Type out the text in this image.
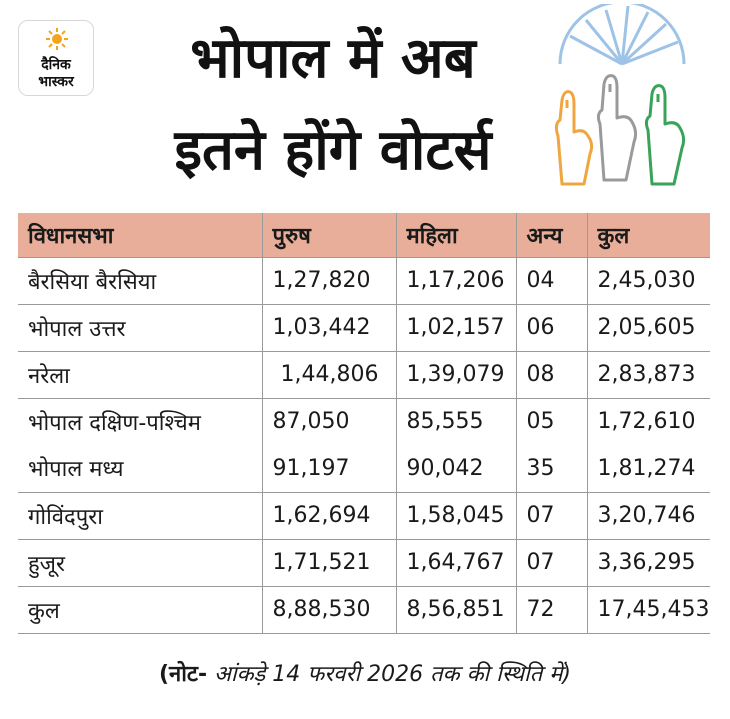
दैनिक
भास्कर	भोपाल में अब
इतने होंगे वोटर्स
विधानसभा	पुरुष	महिला	अन्य	कुल
बैरसिया बैरसिया	1,27,820	1,17,206	04	2,45,030
भोपाल उत्तर	1,03,442	1,02,157	06	2,05,605
नरेला	1,44,806	1,39,079	08	2,83,873
भोपाल दक्षिण-पश्चिम	87,050	85,555	05	1,72,610
भोपाल मध्य	91,197	90,042	35	1,81,274
गोविंदपुरा	1,62,694	1,58,045	07	3,20,746
हुजूर	1,71,521	1,64,767	07	3,36,295
कुल	8,88,530	8,56,851	72	17,45,453
(नोट- आंकड़े 14 फरवरी 2026 तक की स्थिति में)
